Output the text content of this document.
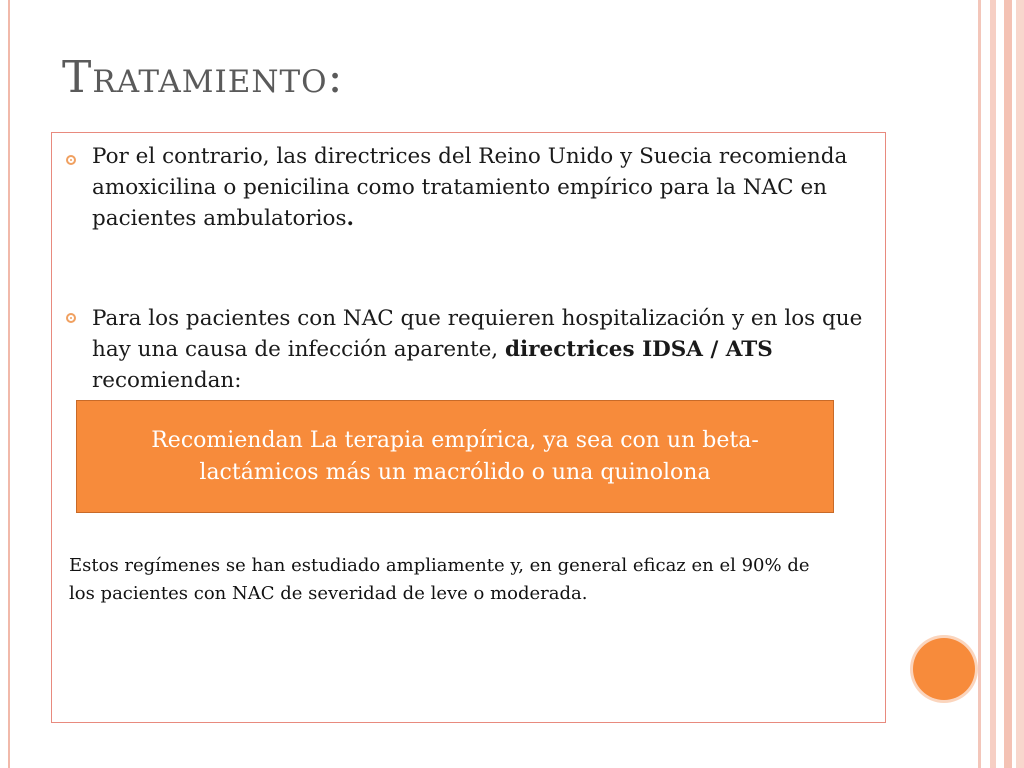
Tratamiento:
Por el contrario, las directrices del Reino Unido y Suecia recomienda amoxicilina o penicilina como tratamiento empírico para la NAC en pacientes ambulatorios.
Para los pacientes con NAC que requieren hospitalización y en los que hay una causa de infección aparente, directrices IDSA / ATS recomiendan:
Recomiendan La terapia empírica, ya sea con un beta-lactámicos más un macrólido o una quinolona
Estos regímenes se han estudiado ampliamente y, en general eficaz en el 90% de los pacientes con NAC de severidad de leve o moderada.
